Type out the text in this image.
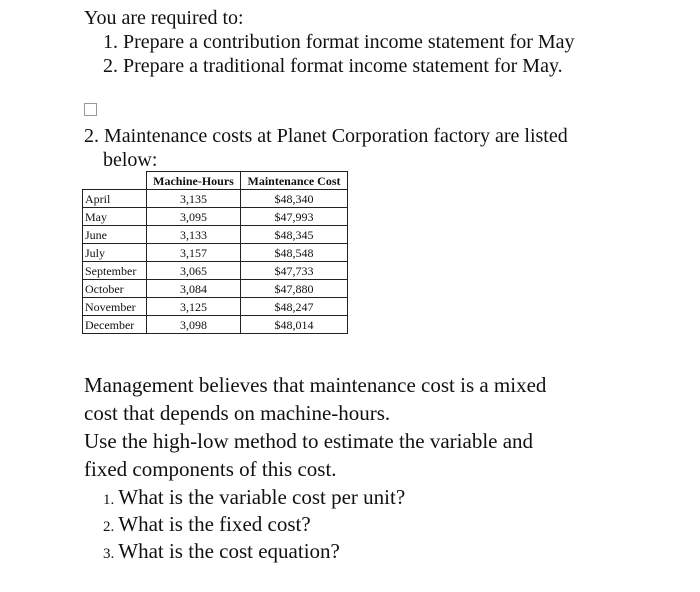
You are required to:
1. Prepare a contribution format income statement for May
2. Prepare a traditional format income statement for May.
2. Maintenance costs at Planet Corporation factory are listed
below:
	Machine-Hours	Maintenance Cost
April	3,135	$48,340
May	3,095	$47,993
June	3,133	$48,345
July	3,157	$48,548
September	3,065	$47,733
October	3,084	$47,880
November	3,125	$48,247
December	3,098	$48,014
Management believes that maintenance cost is a mixed
cost that depends on machine-hours.
Use the high-low method to estimate the variable and
fixed components of this cost.
1. What is the variable cost per unit?
2. What is the fixed cost?
3. What is the cost equation?
